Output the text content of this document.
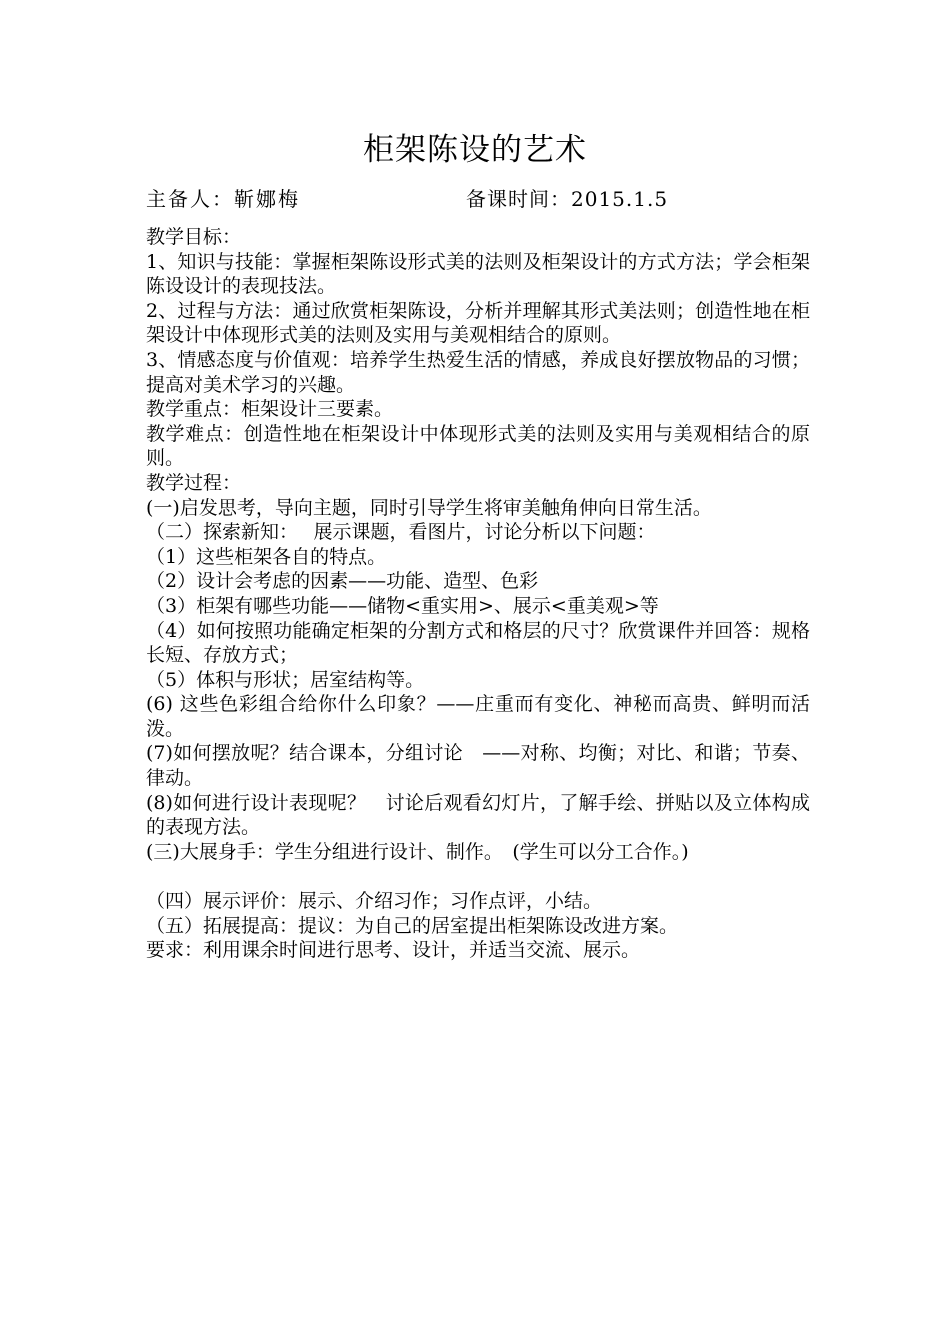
柜架陈设的艺术
主备人：靳娜梅	备课时间：2015.1.5

教学目标：

1、知识与技能：掌握柜架陈设形式美的法则及柜架设计的方式方法；学会柜架陈设设计的表现技法。

2、过程与方法：通过欣赏柜架陈设，分析并理解其形式美法则；创造性地在柜架设计中体现形式美的法则及实用与美观相结合的原则。

3、情感态度与价值观：培养学生热爱生活的情感，养成良好摆放物品的习惯；提高对美术学习的兴趣。

教学重点：柜架设计三要素。

教学难点：创造性地在柜架设计中体现形式美的法则及实用与美观相结合的原则。

教学过程：

(一)启发思考，导向主题，同时引导学生将审美触角伸向日常生活。

（二）探索新知：　 展示课题，看图片，讨论分析以下问题：

（1）这些柜架各自的特点。

（2）设计会考虑的因素——功能、造型、色彩

（3）柜架有哪些功能——储物<重实用>、展示<重美观>等

（4）如何按照功能确定柜架的分割方式和格层的尺寸？欣赏课件并回答：规格长短、存放方式；

（5）体积与形状；居室结构等。

(6) 这些色彩组合给你什么印象？——庄重而有变化、神秘而高贵、鲜明而活泼。

(7)如何摆放呢？结合课本，分组讨论　——对称、均衡；对比、和谐；节奏、律动。

(8)如何进行设计表现呢？　讨论后观看幻灯片，了解手绘、拼贴以及立体构成的表现方法。

(三)大展身手：学生分组进行设计、制作。　(学生可以分工合作。)

（四）展示评价：展示、介绍习作；习作点评，小结。

（五）拓展提高：提议：为自己的居室提出柜架陈设改进方案。

要求：利用课余时间进行思考、设计，并适当交流、展示。
